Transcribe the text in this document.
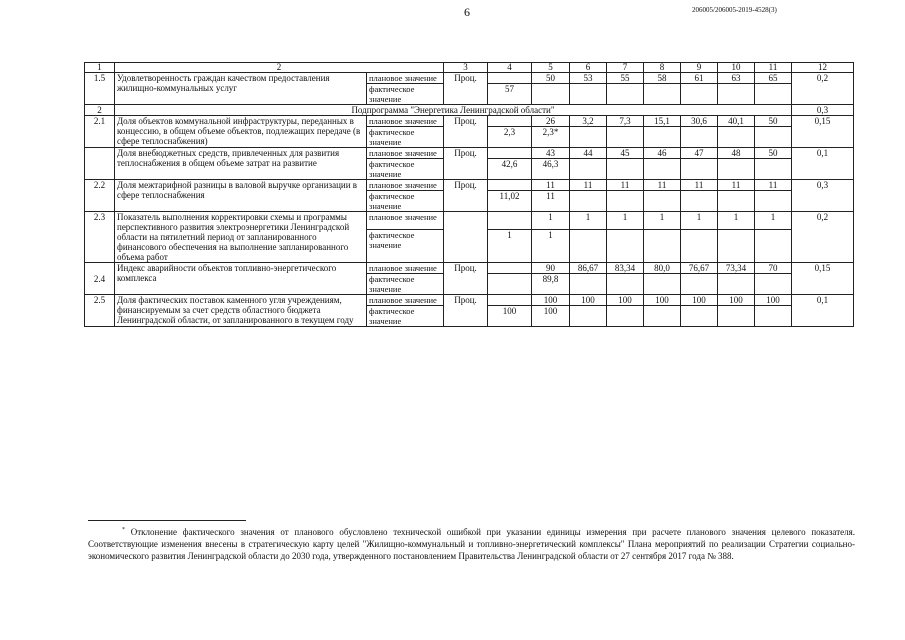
6	206005/206005-2019-4528(3)
1	2		3	4	5	6	7	8	9	10	11	12
1.5	Удовлетворенность граждан качеством предоставления жилищно-коммунальных услуг	плановое значение	Проц.		50	53	55	58	61	63	65	0,2
		фактическое значение		57								
2	Подпрограмма "Энергетика Ленинградской области"											0,3
2.1	Доля объектов коммунальной инфраструктуры, переданных в концессию, в общем объеме объектов, подлежащих передаче (в сфере теплоснабжения)	плановое значение	Проц.		26	3,2	7,3	15,1	30,6	40,1	50	0,15
		фактическое значение		2,3	2,3*							
	Доля внебюджетных средств, привлеченных для развития теплоснабжения в общем объеме затрат на развитие	плановое значение	Проц.		43	44	45	46	47	48	50	0,1
		фактическое значение		42,6	46,3							
2.2	Доля межтарифной разницы в валовой выручке организации в сфере теплоснабжения	плановое значение	Проц.		11	11	11	11	11	11	11	0,3
		фактическое значение		11,02	11							
2.3	Показатель выполнения корректировки схемы и программы перспективного развития электроэнергетики Ленинградской области на пятилетний период от запланированного финансового обеспечения на выполнение запланированного объема работ	плановое значение			1	1	1	1	1	1	1	0,2
		фактическое значение		1	1							
2.4	Индекс аварийности объектов топливно-энергетического комплекса	плановое значение	Проц.		90	86,67	83,34	80,0	76,67	73,34	70	0,15
		фактическое значение			89,8							
2.5	Доля фактических поставок каменного угля учреждениям, финансируемым за счет средств областного бюджета Ленинградской области, от запланированного в текущем году	плановое значение	Проц.		100	100	100	100	100	100	100	0,1
		фактическое значение		100	100							
* Отклонение фактического значения от планового обусловлено технической ошибкой при указании единицы измерения при расчете планового значения целевого показателя. Соответствующие изменения внесены в стратегическую карту целей "Жилищно-коммунальный и топливно-энергетический комплексы" Плана мероприятий по реализации Стратегии социально-экономического развития Ленинградской области до 2030 года, утвержденного постановлением Правительства Ленинградской области от 27 сентября 2017 года № 388.
